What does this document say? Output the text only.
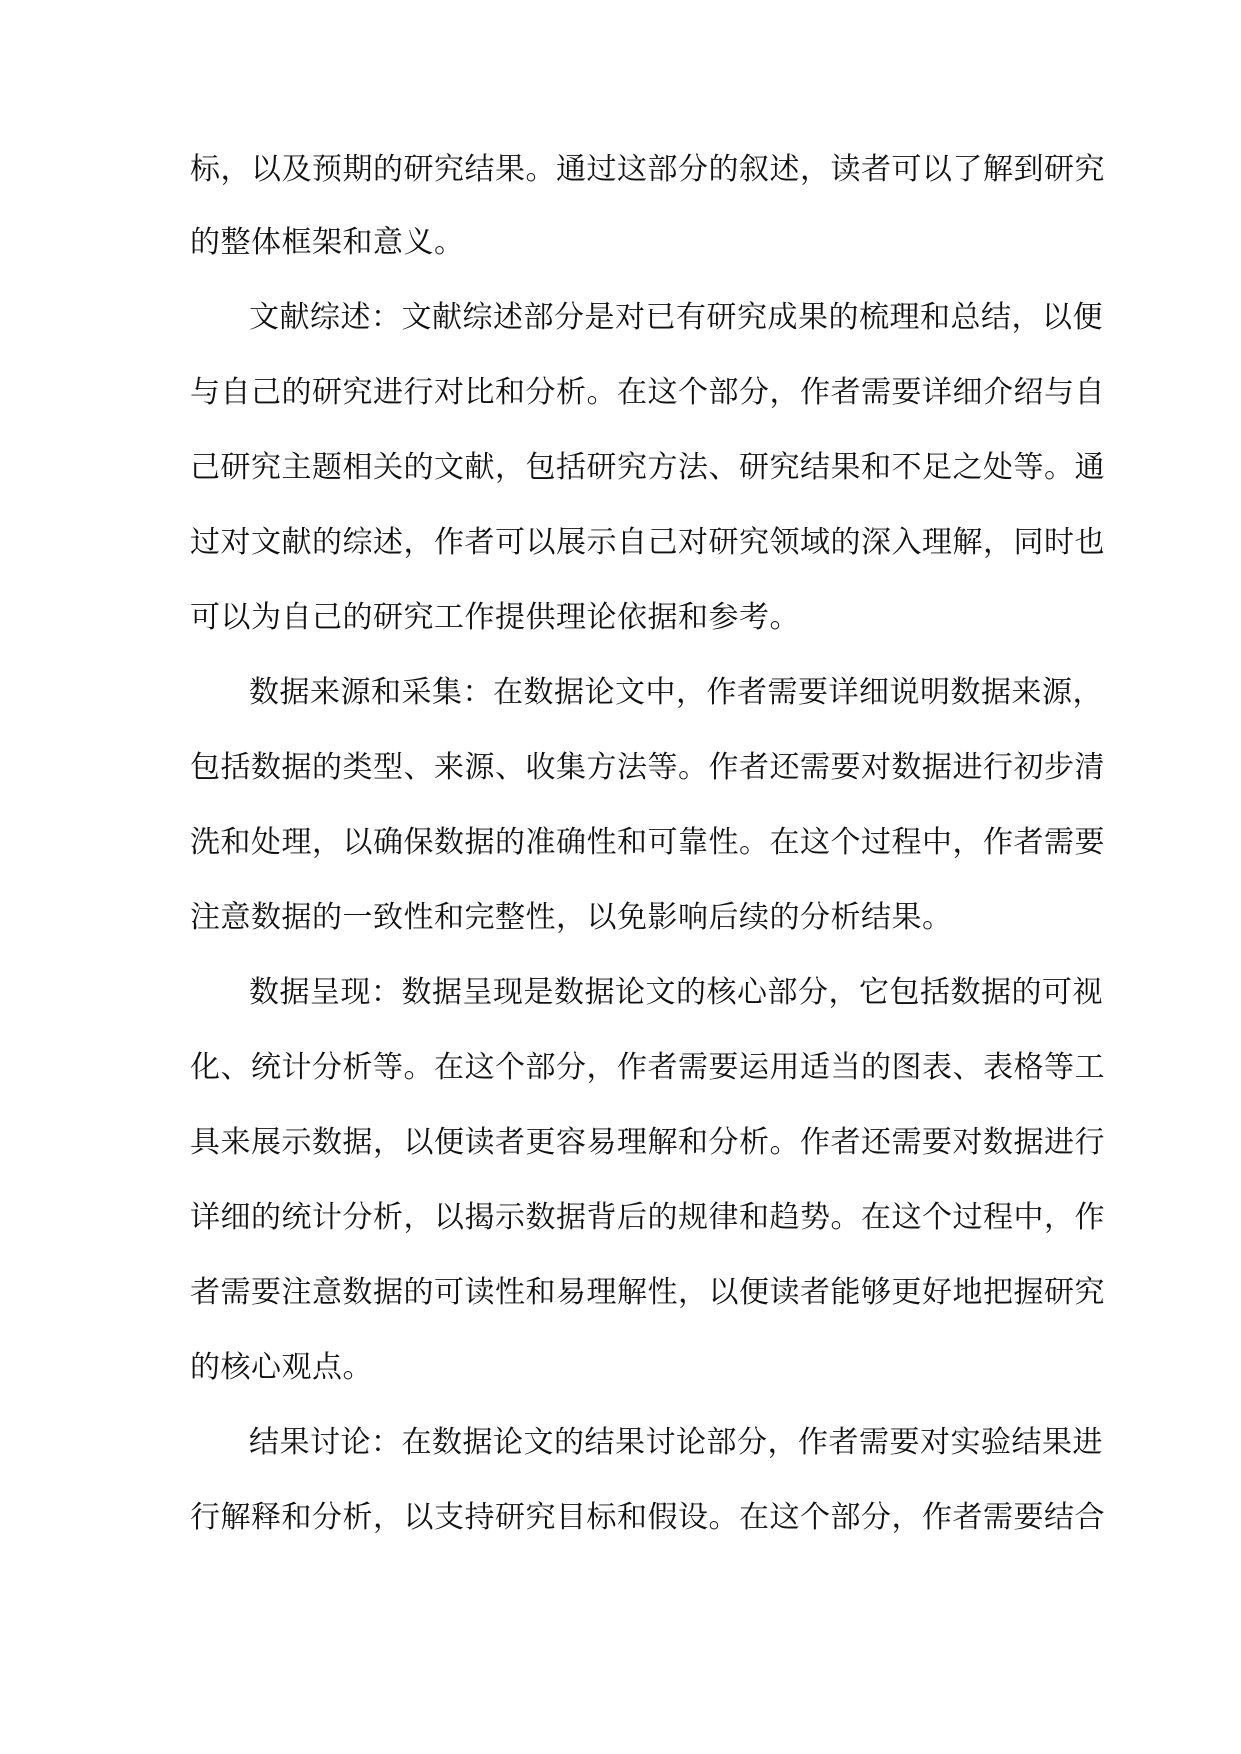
标，以及预期的研究结果。通过这部分的叙述，读者可以了解到研究
的整体框架和意义。
文献综述：文献综述部分是对已有研究成果的梳理和总结，以便
与自己的研究进行对比和分析。在这个部分，作者需要详细介绍与自
己研究主题相关的文献，包括研究方法、研究结果和不足之处等。通
过对文献的综述，作者可以展示自己对研究领域的深入理解，同时也
可以为自己的研究工作提供理论依据和参考。
数据来源和采集：在数据论文中，作者需要详细说明数据来源，
包括数据的类型、来源、收集方法等。作者还需要对数据进行初步清
洗和处理，以确保数据的准确性和可靠性。在这个过程中，作者需要
注意数据的一致性和完整性，以免影响后续的分析结果。
数据呈现：数据呈现是数据论文的核心部分，它包括数据的可视
化、统计分析等。在这个部分，作者需要运用适当的图表、表格等工
具来展示数据，以便读者更容易理解和分析。作者还需要对数据进行
详细的统计分析，以揭示数据背后的规律和趋势。在这个过程中，作
者需要注意数据的可读性和易理解性，以便读者能够更好地把握研究
的核心观点。
结果讨论：在数据论文的结果讨论部分，作者需要对实验结果进
行解释和分析，以支持研究目标和假设。在这个部分，作者需要结合
